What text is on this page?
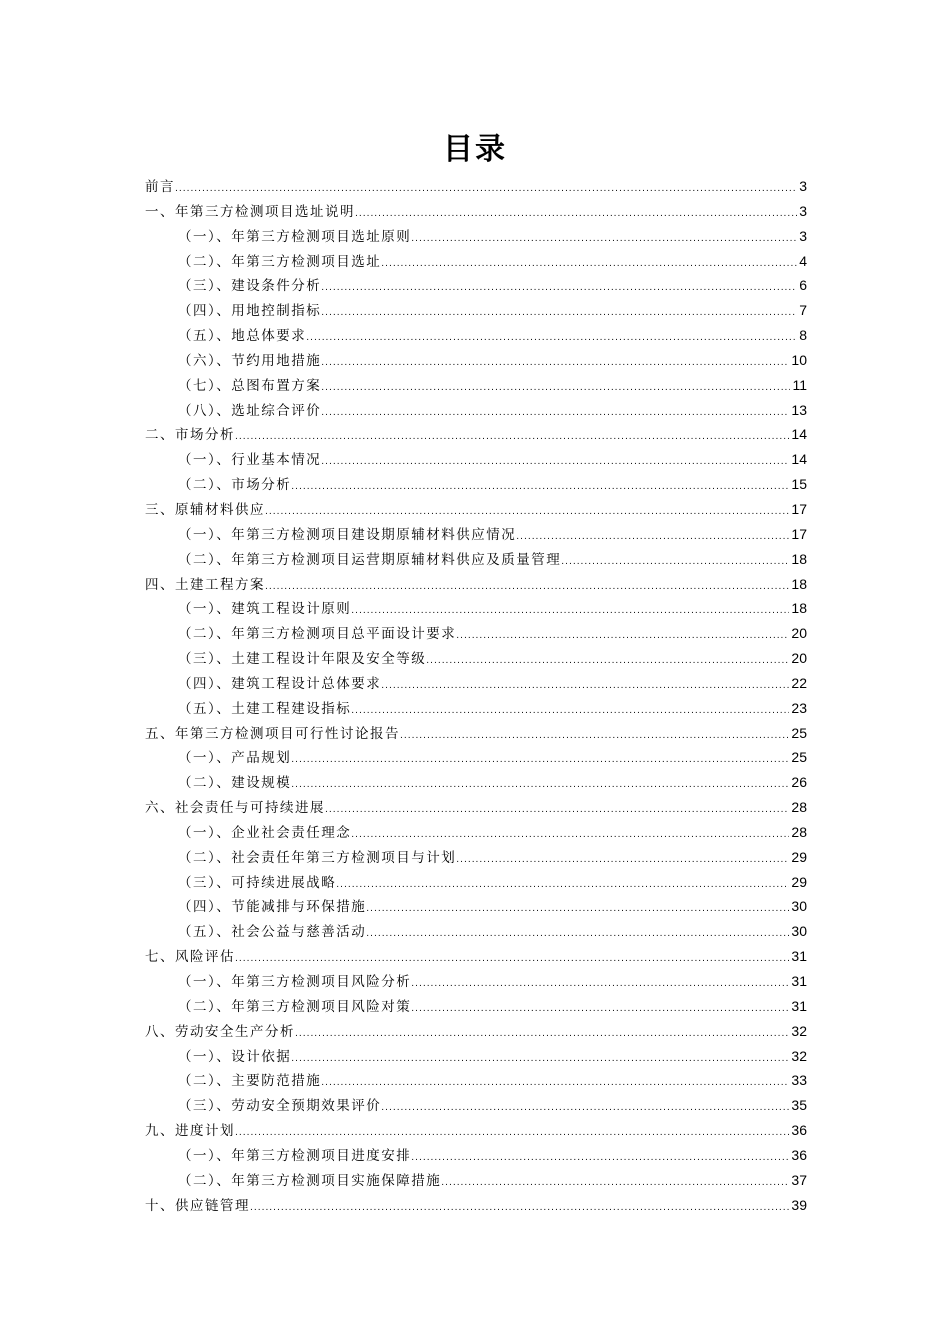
目录
前言 .....	3
一、年第三方检测项目选址说明 .....	3
（一）、年第三方检测项目选址原则 .....	3
（二）、年第三方检测项目选址 .....	4
（三）、建设条件分析 .....	6
（四）、用地控制指标 .....	7
（五）、地总体要求 .....	8
（六）、节约用地措施 .....	10
（七）、总图布置方案 .....	11
（八）、选址综合评价 .....	13
二、市场分析 .....	14
（一）、行业基本情况 .....	14
（二）、市场分析 .....	15
三、原辅材料供应 .....	17
（一）、年第三方检测项目建设期原辅材料供应情况 .....	17
（二）、年第三方检测项目运营期原辅材料供应及质量管理 .....	18
四、土建工程方案 .....	18
（一）、建筑工程设计原则 .....	18
（二）、年第三方检测项目总平面设计要求 .....	20
（三）、土建工程设计年限及安全等级 .....	20
（四）、建筑工程设计总体要求 .....	22
（五）、土建工程建设指标 .....	23
五、年第三方检测项目可行性讨论报告 .....	25
（一）、产品规划 .....	25
（二）、建设规模 .....	26
六、社会责任与可持续进展 .....	28
（一）、企业社会责任理念 .....	28
（二）、社会责任年第三方检测项目与计划 .....	29
（三）、可持续进展战略 .....	29
（四）、节能减排与环保措施 .....	30
（五）、社会公益与慈善活动 .....	30
七、风险评估 .....	31
（一）、年第三方检测项目风险分析 .....	31
（二）、年第三方检测项目风险对策 .....	31
八、劳动安全生产分析 .....	32
（一）、设计依据 .....	32
（二）、主要防范措施 .....	33
（三）、劳动安全预期效果评价 .....	35
九、进度计划 .....	36
（一）、年第三方检测项目进度安排 .....	36
（二）、年第三方检测项目实施保障措施 .....	37
十、供应链管理 .....	39
